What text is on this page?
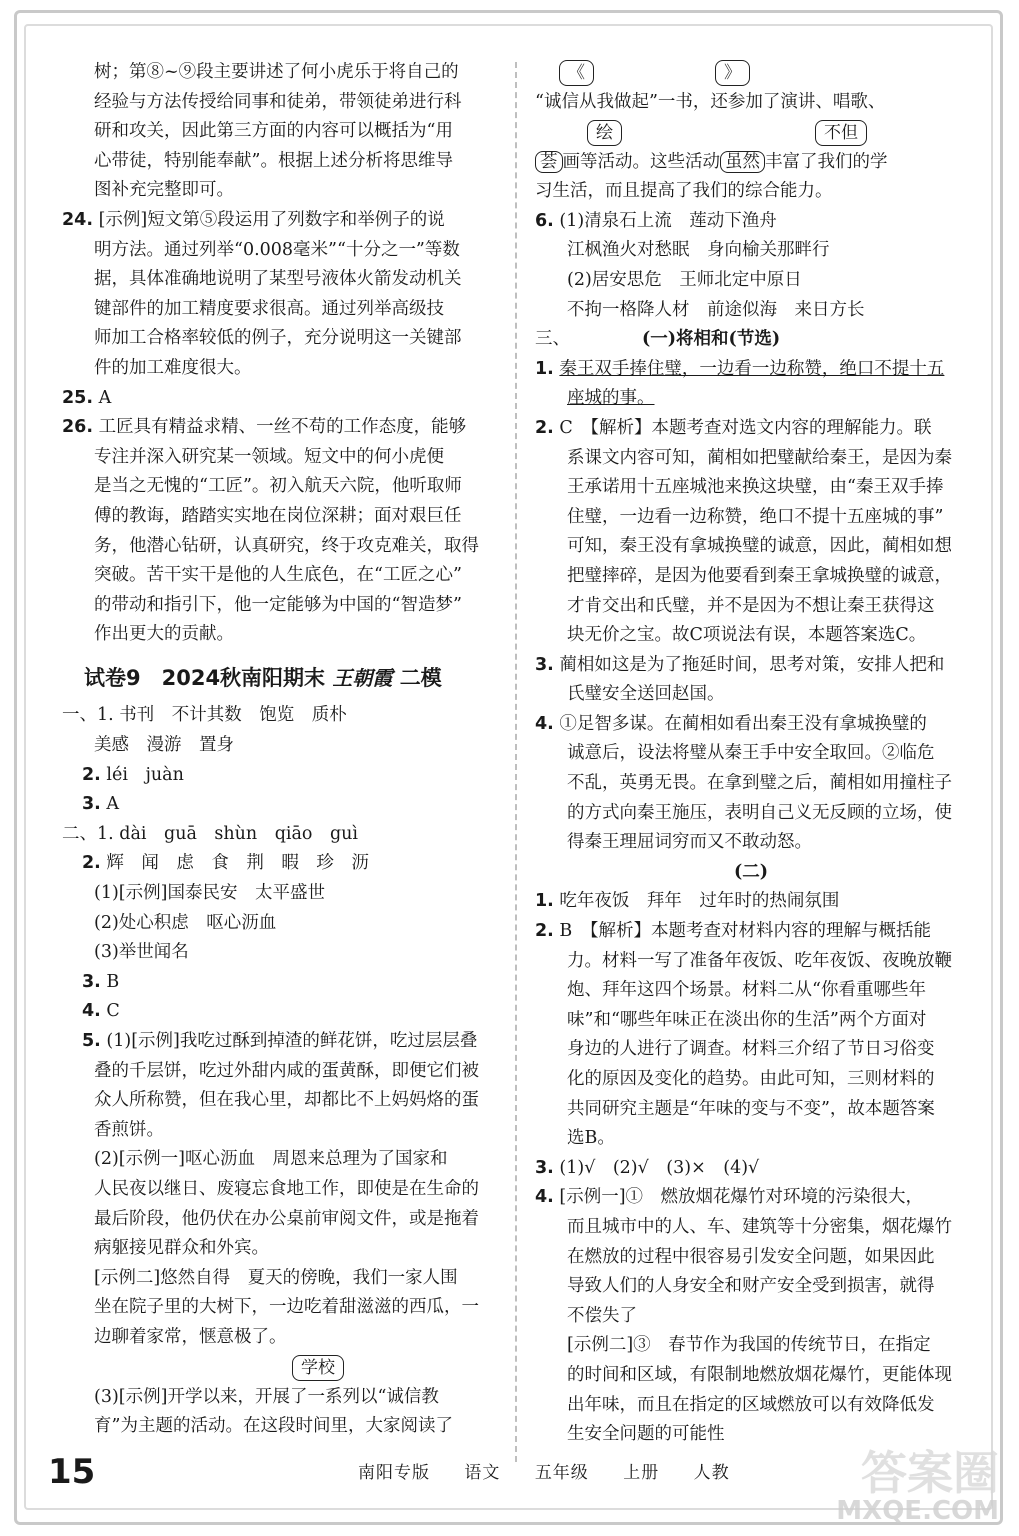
树；第⑧~⑨段主要讲述了何小虎乐于将自己的

经验与方法传授给同事和徒弟，带领徒弟进行科

研和攻关，因此第三方面的内容可以概括为“用

心带徒，特别能奉献”。根据上述分析将思维导

图补充完整即可。

24. [示例]短文第⑤段运用了列数字和举例子的说

明方法。通过列举“0.008毫米”“十分之一”等数

据，具体准确地说明了某型号液体火箭发动机关

键部件的加工精度要求很高。通过列举高级技

师加工合格率较低的例子，充分说明这一关键部

件的加工难度很大。

25. A

26. 工匠具有精益求精、一丝不苟的工作态度，能够

专注并深入研究某一领域。短文中的何小虎便

是当之无愧的“工匠”。初入航天六院，他听取师

傅的教诲，踏踏实实地在岗位深耕；面对艰巨任

务，他潜心钻研，认真研究，终于攻克难关，取得

突破。苦干实干是他的人生底色，在“工匠之心”

的带动和指引下，他一定能够为中国的“智造梦”

作出更大的贡献。

试卷9　2024秋南阳期末 王朝霞 二模

一、1. 书刊　不计其数　饱览　质朴

美感　漫游　置身

2. léi　juàn

3. A

二、1. dài　guā　shùn　qiāo　guì

2. 辉　闻　虑　食　荆　暇　珍　沥

(1)[示例]国泰民安　太平盛世

(2)处心积虑　呕心沥血

(3)举世闻名

3. B

4. C

5. (1)[示例]我吃过酥到掉渣的鲜花饼，吃过层层叠

叠的千层饼，吃过外甜内咸的蛋黄酥，即便它们被

众人所称赞，但在我心里，却都比不上妈妈烙的蛋

香煎饼。

(2)[示例一]呕心沥血　周恩来总理为了国家和

人民夜以继日、废寝忘食地工作，即使是在生命的

最后阶段，他仍伏在办公桌前审阅文件，或是拖着

病躯接见群众和外宾。

[示例二]悠然自得　夏天的傍晚，我们一家人围

坐在院子里的大树下，一边吃着甜滋滋的西瓜，一

边聊着家常，惬意极了。

学校

(3)[示例]开学以来，开展了一系列以“诚信教

育”为主题的活动。在这段时间里，大家阅读了

《	》

“诚信从我做起”一书，还参加了演讲、唱歌、

绘	不但

荟 画等活动。这些活动 虽然 丰富了我们的学

习生活，而且提高了我们的综合能力。

6. (1)清泉石上流　莲动下渔舟

江枫渔火对愁眠　身向榆关那畔行

(2)居安思危　王师北定中原日

不拘一格降人材　前途似海　来日方长

三、	(一)将相和(节选)

1. 秦王双手捧住璧，一边看一边称赞，绝口不提十五

座城的事。

2. C　【解析】本题考查对选文内容的理解能力。联

系课文内容可知，蔺相如把璧献给秦王，是因为秦

王承诺用十五座城池来换这块璧，由“秦王双手捧

住璧，一边看一边称赞，绝口不提十五座城的事”

可知，秦王没有拿城换璧的诚意，因此，蔺相如想

把璧摔碎，是因为他要看到秦王拿城换璧的诚意，

才肯交出和氏璧，并不是因为不想让秦王获得这

块无价之宝。故C项说法有误，本题答案选C。

3. 蔺相如这是为了拖延时间，思考对策，安排人把和

氏璧安全送回赵国。

4. ①足智多谋。在蔺相如看出秦王没有拿城换璧的

诚意后，设法将璧从秦王手中安全取回。②临危

不乱，英勇无畏。在拿到璧之后，蔺相如用撞柱子

的方式向秦王施压，表明自己义无反顾的立场，使

得秦王理屈词穷而又不敢动怒。

(二)

1. 吃年夜饭　拜年　过年时的热闹氛围

2. B　【解析】本题考查对材料内容的理解与概括能

力。材料一写了准备年夜饭、吃年夜饭、夜晚放鞭

炮、拜年这四个场景。材料二从“你看重哪些年

味”和“哪些年味正在淡出你的生活”两个方面对

身边的人进行了调查。材料三介绍了节日习俗变

化的原因及变化的趋势。由此可知，三则材料的

共同研究主题是“年味的变与不变”，故本题答案

选B。

3. (1)√　(2)√　(3)×　(4)√

4. [示例一]①　燃放烟花爆竹对环境的污染很大，

而且城市中的人、车、建筑等十分密集，烟花爆竹

在燃放的过程中很容易引发安全问题，如果因此

导致人们的人身安全和财产安全受到损害，就得

不偿失了

[示例二]③　春节作为我国的传统节日，在指定

的时间和区域，有限制地燃放烟花爆竹，更能体现

出年味，而且在指定的区域燃放可以有效降低发

生安全问题的可能性

15	南阳专版 语文 五年级 上册 人教	答案圈
MXQE.COM
